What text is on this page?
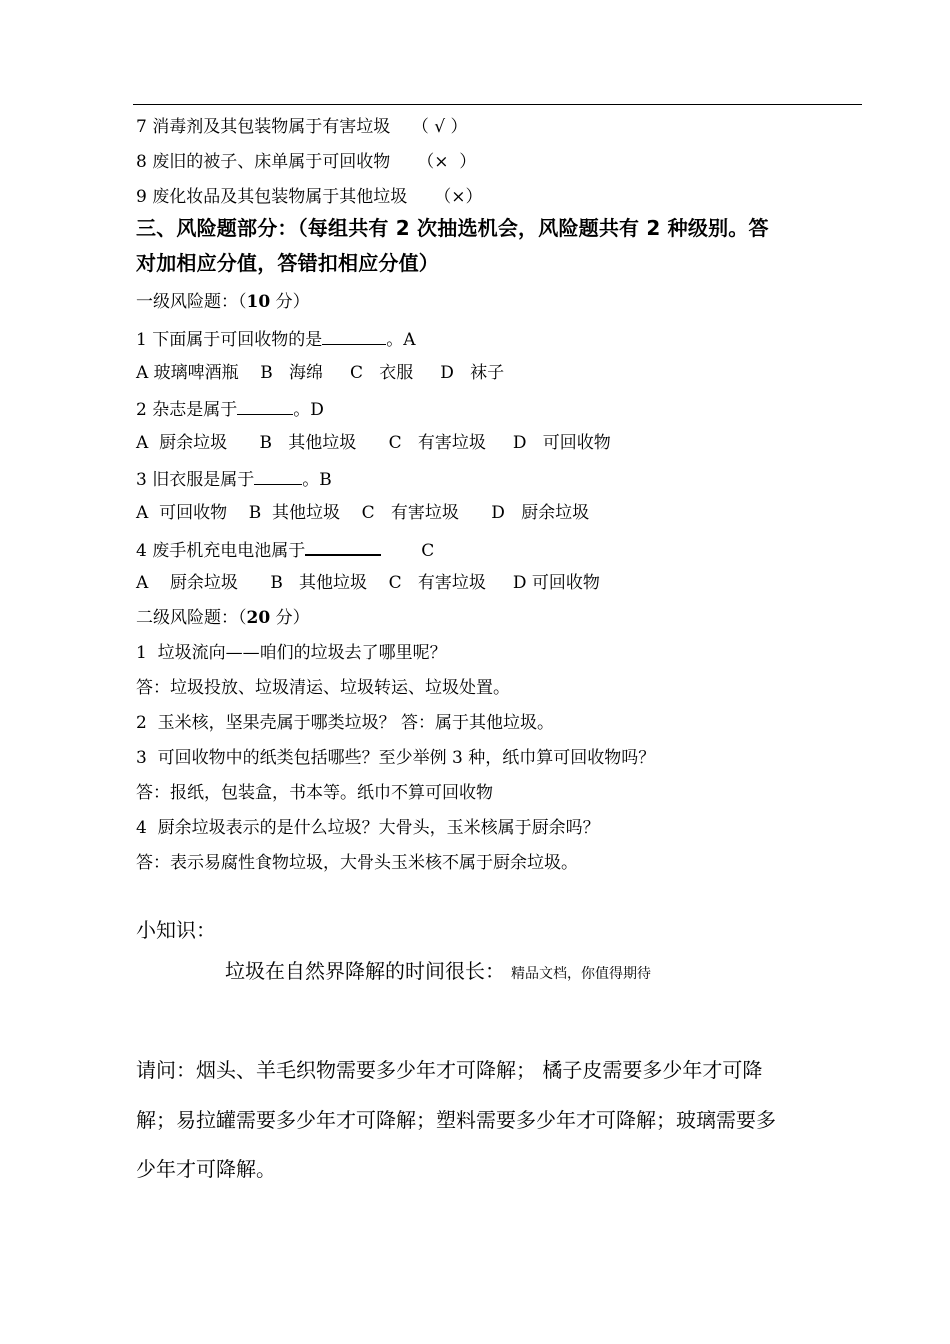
7 消毒剂及其包装物属于有害垃圾    （ √ ）
8 废旧的被子、床单属于可回收物     （×  ）
9 废化妆品及其包装物属于其他垃圾     （×）
三、风险题部分：（每组共有 2 次抽选机会，风险题共有 2 种级别。答
对加相应分值，答错扣相应分值）
一级风险题：（10 分）
1 下面属于可回收物的是	。A
A 玻璃啤酒瓶    B   海绵     C   衣服     D   袜子
2 杂志是属于	。D
A  厨余垃圾      B   其他垃圾      C   有害垃圾     D   可回收物
3 旧衣服是属于	。B
A  可回收物    B  其他垃圾    C   有害垃圾      D   厨余垃圾
4 废手机充电电池属于	C
A    厨余垃圾      B   其他垃圾    C   有害垃圾     D 可回收物
二级风险题：（20 分）
1  垃圾流向——咱们的垃圾去了哪里呢？
答：垃圾投放、垃圾清运、垃圾转运、垃圾处置。
2  玉米核，坚果壳属于哪类垃圾？ 答：属于其他垃圾。
3  可回收物中的纸类包括哪些？至少举例 3 种，纸巾算可回收物吗？
答：报纸，包装盒，书本等。纸巾不算可回收物
4  厨余垃圾表示的是什么垃圾？大骨头，玉米核属于厨余吗？
答：表示易腐性食物垃圾，大骨头玉米核不属于厨余垃圾。
小知识：
垃圾在自然界降解的时间很长： 精品文档，你值得期待
请问：烟头、羊毛织物需要多少年才可降解； 橘子皮需要多少年才可降
解；易拉罐需要多少年才可降解；塑料需要多少年才可降解；玻璃需要多
少年才可降解。
